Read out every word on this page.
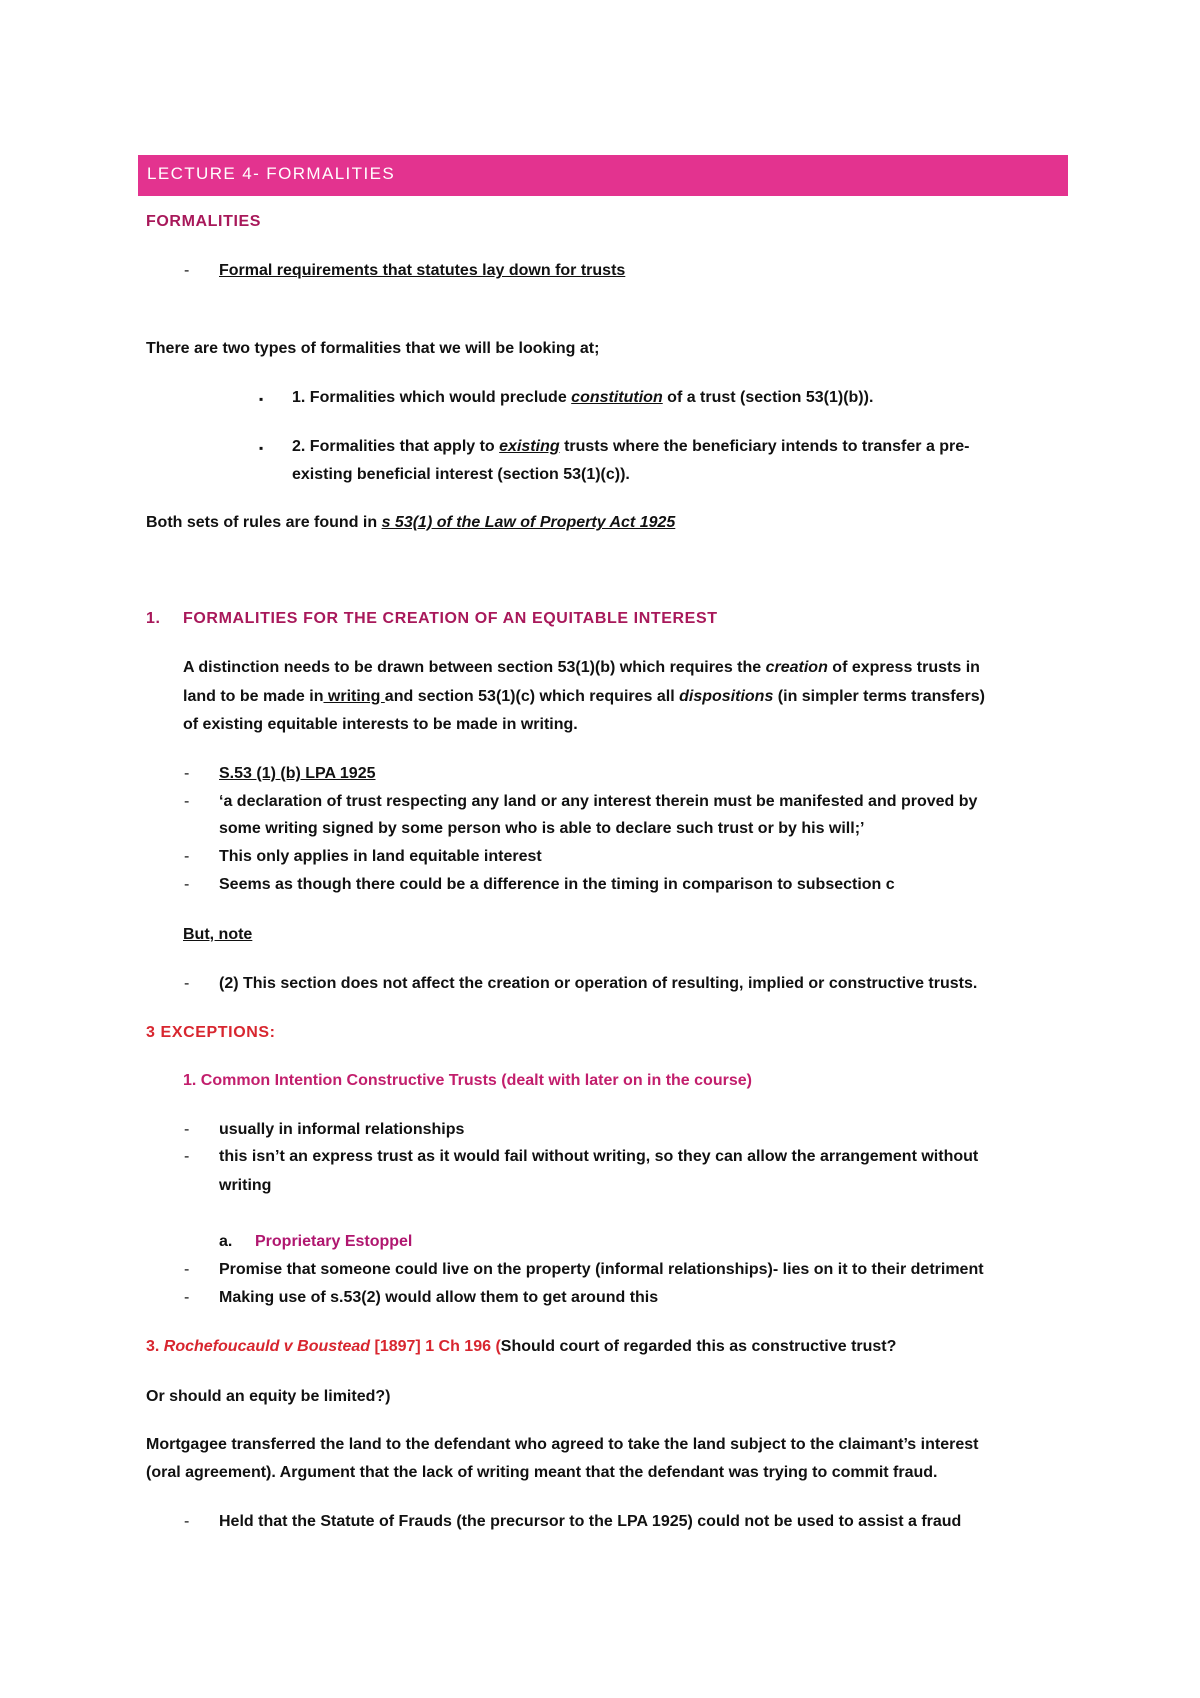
LECTURE 4- FORMALITIES
FORMALITIES
-	Formal requirements that statutes lay down for trusts
There are two types of formalities that we will be looking at;
▪ 1. Formalities which would preclude constitution of a trust (section 53(1)(b)).
▪ 2. Formalities that apply to existing trusts where the beneficiary intends to transfer a pre-
existing beneficial interest (section 53(1)(c)).
Both sets of rules are found in s 53(1) of the Law of Property Act 1925
1. FORMALITIES FOR THE CREATION OF AN EQUITABLE INTEREST
A distinction needs to be drawn between section 53(1)(b) which requires the creation of express trusts in
land to be made in writing and section 53(1)(c) which requires all dispositions (in simpler terms transfers)
of existing equitable interests to be made in writing.
-	S.53 (1) (b) LPA 1925
-	‘a declaration of trust respecting any land or any interest therein must be manifested and proved by
some writing signed by some person who is able to declare such trust or by his will;’
-	This only applies in land equitable interest
-	Seems as though there could be a difference in the timing in comparison to subsection c
But, note
-	(2) This section does not affect the creation or operation of resulting, implied or constructive trusts.
3 EXCEPTIONS:
1. Common Intention Constructive Trusts (dealt with later on in the course)
-	usually in informal relationships
-	this isn’t an express trust as it would fail without writing, so they can allow the arrangement without
writing
a. Proprietary Estoppel
-	Promise that someone could live on the property (informal relationships)- lies on it to their detriment
-	Making use of s.53(2) would allow them to get around this
3. Rochefoucauld v Boustead [1897] 1 Ch 196 (Should court of regarded this as constructive trust?
Or should an equity be limited?)
Mortgagee transferred the land to the defendant who agreed to take the land subject to the claimant’s interest
(oral agreement). Argument that the lack of writing meant that the defendant was trying to commit fraud.
-	Held that the Statute of Frauds (the precursor to the LPA 1925) could not be used to assist a fraud
